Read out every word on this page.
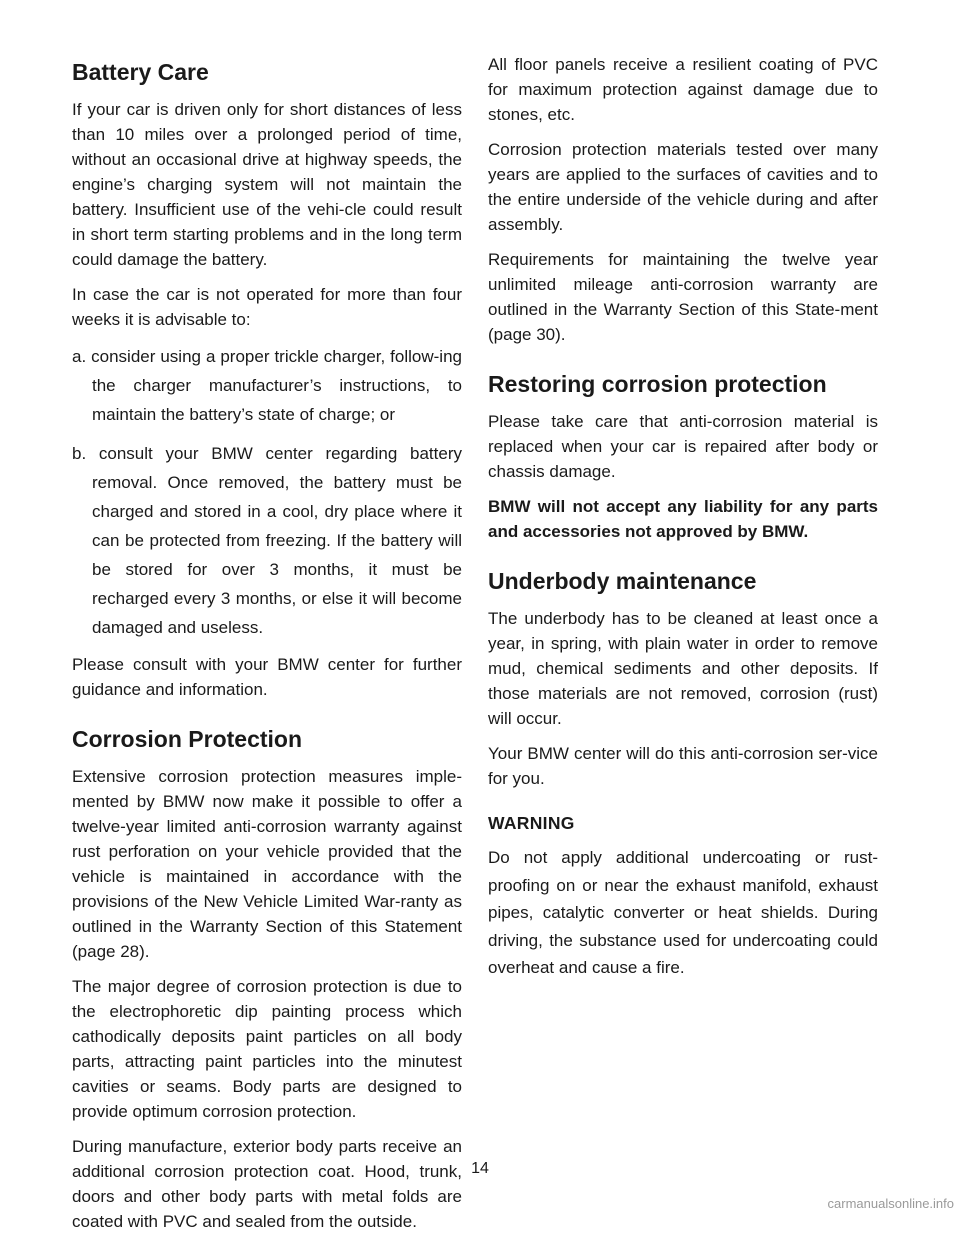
Battery Care

If your car is driven only for short distances of less than 10 miles over a prolonged period of time, without an occasional drive at highway speeds, the engine’s charging system will not maintain the battery. Insufficient use of the vehi-cle could result in short term starting problems and in the long term could damage the battery.

In case the car is not operated for more than four weeks it is advisable to:

a. consider using a proper trickle charger, follow-ing the charger manufacturer’s instructions, to maintain the battery’s state of charge; or
b. consult your BMW center regarding battery removal. Once removed, the battery must be charged and stored in a cool, dry place where it can be protected from freezing. If the battery will be stored for over 3 months, it must be recharged every 3 months, or else it will become damaged and useless.

Please consult with your BMW center for further guidance and information.

Corrosion Protection

Extensive corrosion protection measures imple-mented by BMW now make it possible to offer a twelve-year limited anti-corrosion warranty against rust perforation on your vehicle provided that the vehicle is maintained in accordance with the provisions of the New Vehicle Limited War-ranty as outlined in the Warranty Section of this Statement (page 28).

The major degree of corrosion protection is due to the electrophoretic dip painting process which cathodically deposits paint particles on all body parts, attracting paint particles into the minutest cavities or seams. Body parts are designed to provide optimum corrosion protection.

During manufacture, exterior body parts receive an additional corrosion protection coat. Hood, trunk, doors and other body parts with metal folds are coated with PVC and sealed from the outside.

All floor panels receive a resilient coating of PVC for maximum protection against damage due to stones, etc.

Corrosion protection materials tested over many years are applied to the surfaces of cavities and to the entire underside of the vehicle during and after assembly.

Requirements for maintaining the twelve year unlimited mileage anti-corrosion warranty are outlined in the Warranty Section of this State-ment (page 30).

Restoring corrosion protection

Please take care that anti-corrosion material is replaced when your car is repaired after body or chassis damage.

BMW will not accept any liability for any parts and accessories not approved by BMW.

Underbody maintenance

The underbody has to be cleaned at least once a year, in spring, with plain water in order to remove mud, chemical sediments and other deposits. If those materials are not removed, corrosion (rust) will occur.

Your BMW center will do this anti-corrosion ser-vice for you.

WARNING

Do not apply additional undercoating or rust-proofing on or near the exhaust manifold, exhaust pipes, catalytic converter or heat shields. During driving, the substance used for undercoating could overheat and cause a fire.

14
carmanualsonline.info
